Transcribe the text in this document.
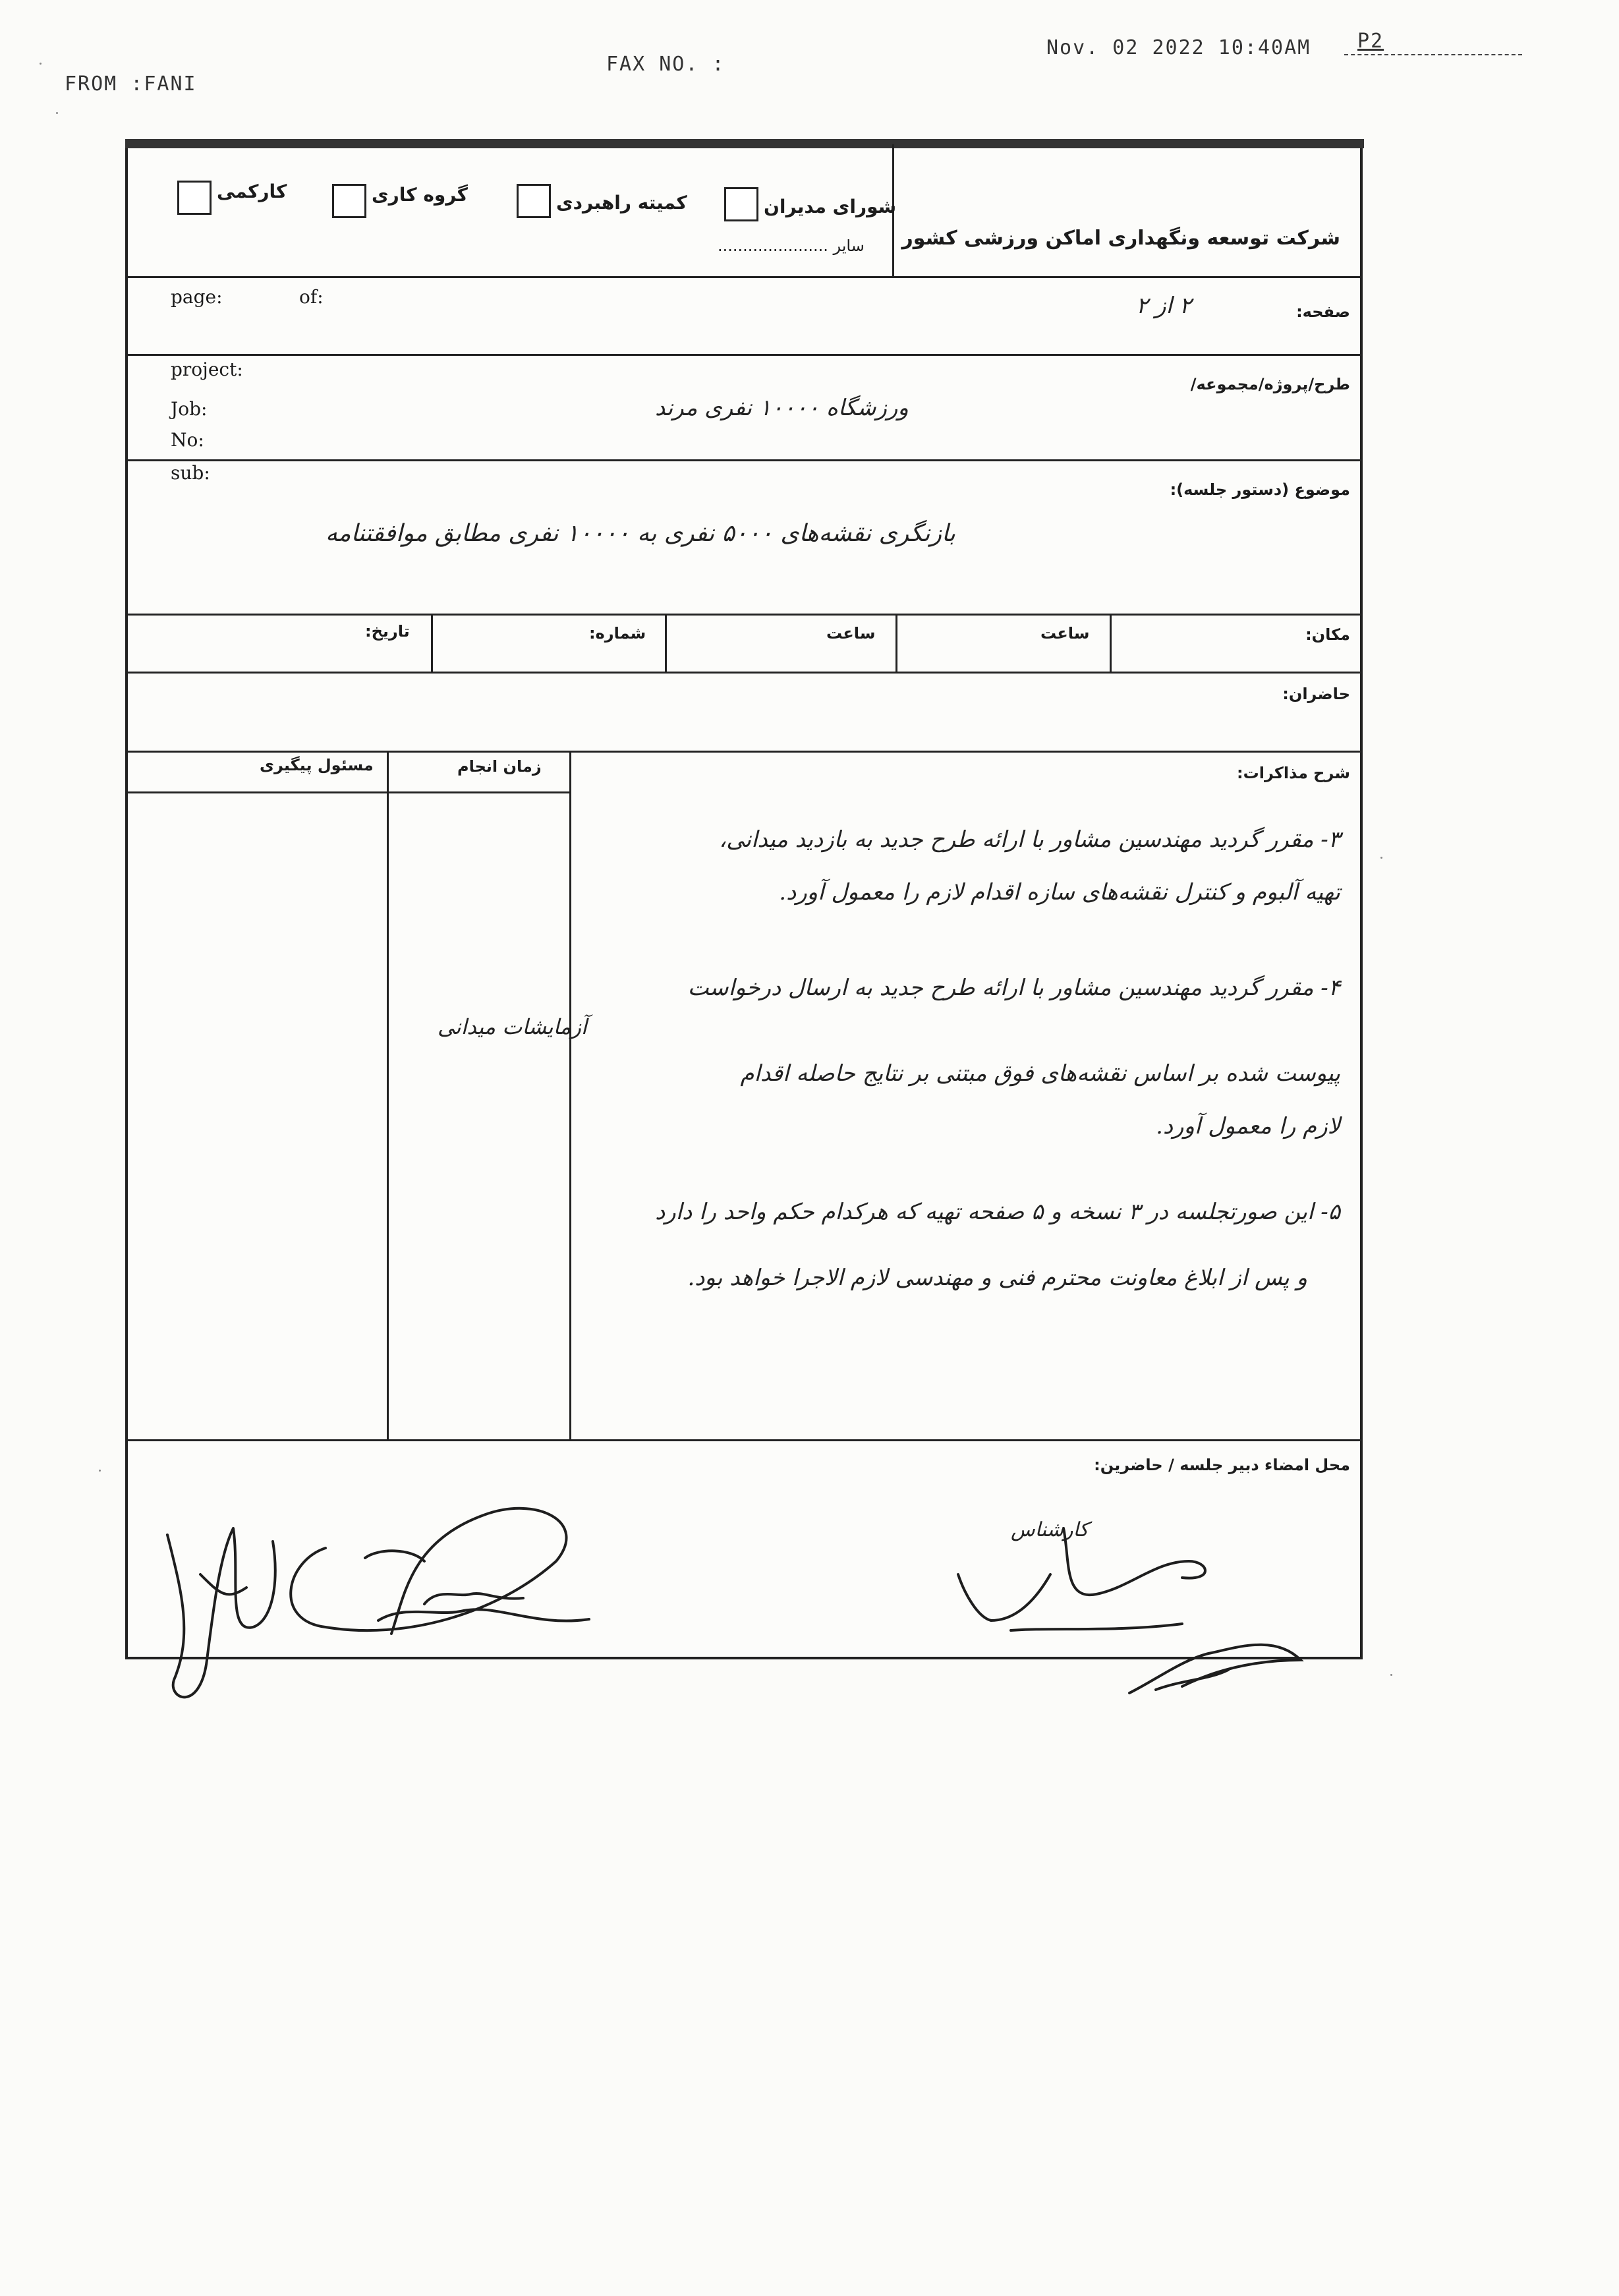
FROM :FANI
FAX NO. :
Nov. 02 2022 10:40AM P2
شرکت توسعه ونگهداری اماکن ورزشی کشور
شورای مدیران
سایر ......................
کمیته راهبردی
گروه کاری
کارکمی
page:	of:
صفحه:
۲ از ۲
project:
طرح/پروژه/مجموعه/
Job:
No:
ورزشگاه ۱۰۰۰۰ نفری مرند
sub:
موضوع (دستور جلسه):
بازنگری نقشه‌های ۵۰۰۰ نفری به ۱۰۰۰۰ نفری مطابق موافقتنامه
مکان:
ساعت
ساعت
شماره:
تاریخ:
حاضران:
شرح مذاکرات:
زمان انجام
مسئول پیگیری
۳- مقرر گردید مهندسین مشاور با ارائه طرح جدید به بازدید میدانی،
تهیه آلبوم و کنترل نقشه‌های سازه اقدام لازم را معمول آورد.
۴- مقرر گردید مهندسین مشاور با ارائه طرح جدید به ارسال درخواست
آزمایشات میدانی
پیوست شده بر اساس نقشه‌های فوق مبتنی بر نتایج حاصله اقدام
لازم را معمول آورد.
۵- این صورتجلسه در ۳ نسخه و ۵ صفحه تهیه که هرکدام حکم واحد را دارد
و پس از ابلاغ معاونت محترم فنی و مهندسی لازم الاجرا خواهد بود.
محل امضاء دبیر جلسه / حاضرین:
کارشناس
